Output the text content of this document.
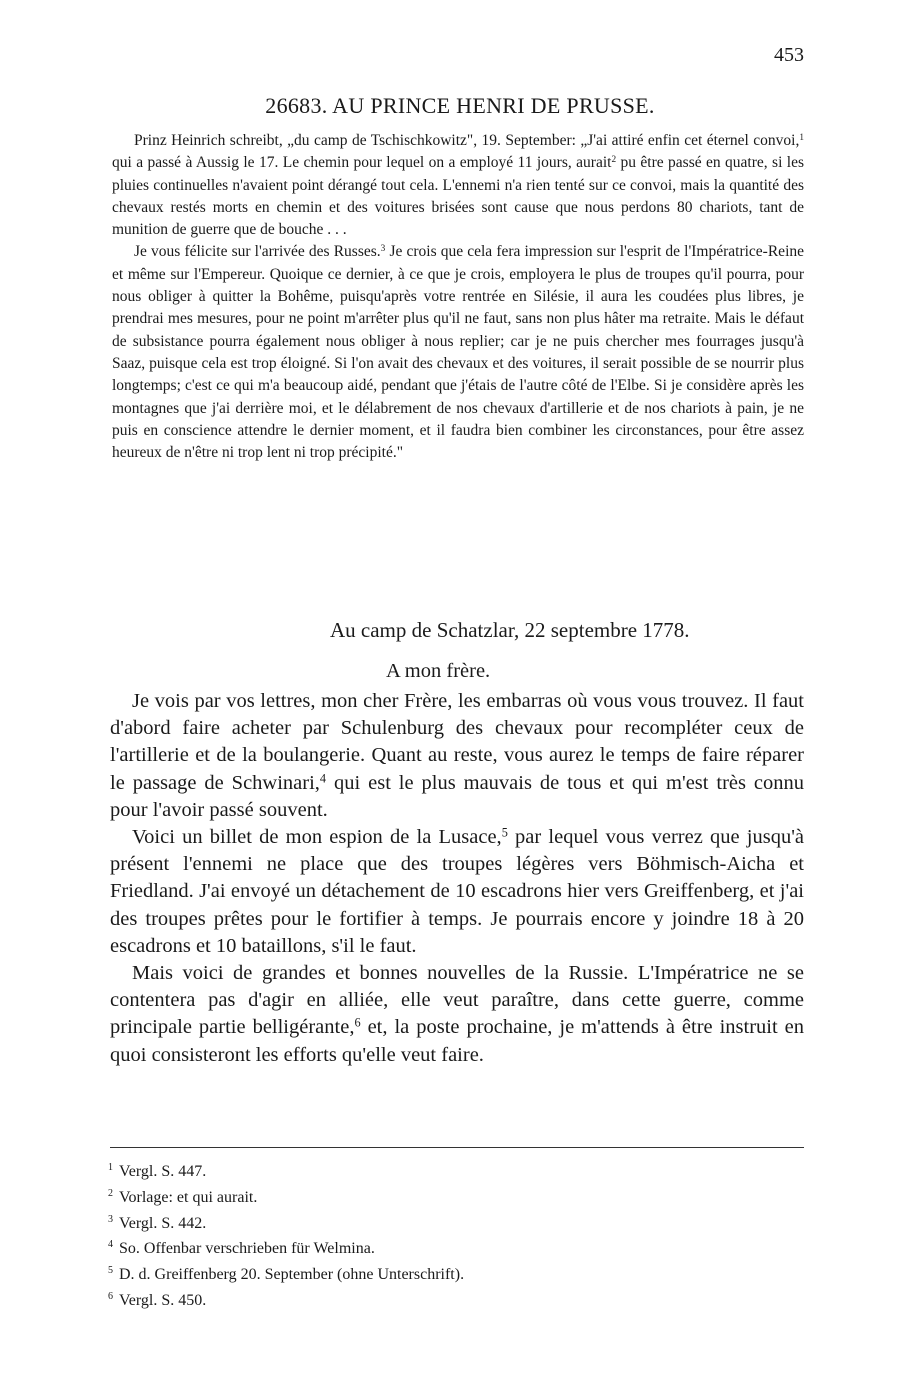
453
26683. AU PRINCE HENRI DE PRUSSE.

Prinz Heinrich schreibt, „du camp de Tschischkowitz", 19. September: „J'ai attiré enfin cet éternel convoi,$^1$ qui a passé à Aussig le 17. Le chemin pour lequel on a employé 11 jours, aurait$^2$ pu être passé en quatre, si les pluies continuelles n'avaient point dérangé tout cela. L'ennemi n'a rien tenté sur ce convoi, mais la quantité des chevaux restés morts en chemin et des voitures brisées sont cause que nous perdons 80 chariots, tant de munition de guerre que de bouche . . .

Je vous félicite sur l'arrivée des Russes.$^3$ Je crois que cela fera impression sur l'esprit de l'Impératrice-Reine et même sur l'Empereur. Quoique ce dernier, à ce que je crois, employera le plus de troupes qu'il pourra, pour nous obliger à quitter la Bohême, puisqu'après votre rentrée en Silésie, il aura les coudées plus libres, je prendrai mes mesures, pour ne point m'arrêter plus qu'il ne faut, sans non plus hâter ma retraite. Mais le défaut de subsistance pourra également nous obliger à nous replier; car je ne puis chercher mes fourrages jusqu'à Saaz, puisque cela est trop éloigné. Si l'on avait des chevaux et des voitures, il serait possible de se nourrir plus longtemps; c'est ce qui m'a beaucoup aidé, pendant que j'étais de l'autre côté de l'Elbe. Si je considère après les montagnes que j'ai derrière moi, et le délabrement de nos chevaux d'artillerie et de nos chariots à pain, je ne puis en conscience attendre le dernier moment, et il faudra bien combiner les circonstances, pour être assez heureux de n'être ni trop lent ni trop précipité."

Au camp de Schatzlar, 22 septembre 1778.
A mon frère.

Je vois par vos lettres, mon cher Frère, les embarras où vous vous trouvez. Il faut d'abord faire acheter par Schulenburg des chevaux pour recompléter ceux de l'artillerie et de la boulangerie. Quant au reste, vous aurez le temps de faire réparer le passage de Schwinari,$^4$ qui est le plus mauvais de tous et qui m'est très connu pour l'avoir passé souvent.

Voici un billet de mon espion de la Lusace,$^5$ par lequel vous verrez que jusqu'à présent l'ennemi ne place que des troupes légères vers Böhmisch-Aicha et Friedland. J'ai envoyé un détachement de 10 escadrons hier vers Greiffenberg, et j'ai des troupes prêtes pour le fortifier à temps. Je pourrais encore y joindre 18 à 20 escadrons et 10 bataillons, s'il le faut.

Mais voici de grandes et bonnes nouvelles de la Russie. L'Impératrice ne se contentera pas d'agir en alliée, elle veut paraître, dans cette guerre, comme principale partie belligérante,$^6$ et, la poste prochaine, je m'attends à être instruit en quoi consisteront les efforts qu'elle veut faire.

$^1$ Vergl. S. 447.
$^2$ Vorlage: et qui aurait.
$^3$ Vergl. S. 442.
$^4$ So. Offenbar verschrieben für Welmina.
$^5$ D. d. Greiffenberg 20. September (ohne Unterschrift).
$^6$ Vergl. S. 450.
